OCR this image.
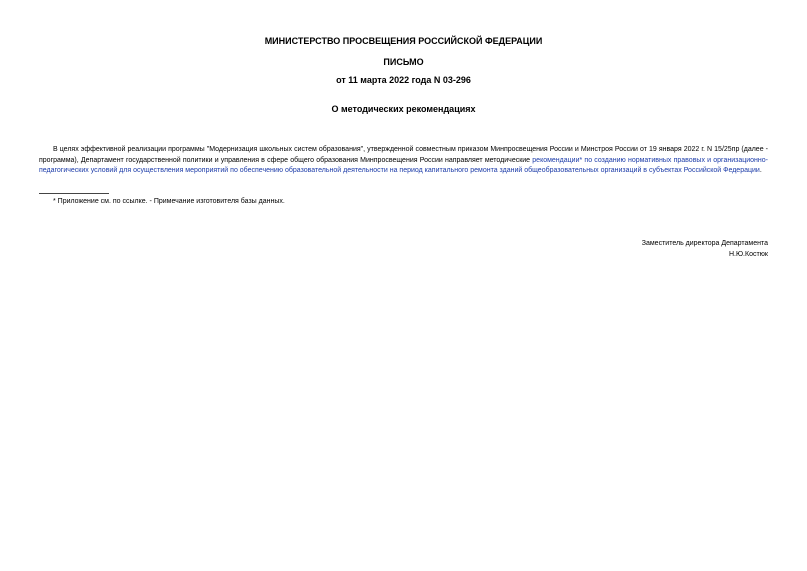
МИНИСТЕРСТВО ПРОСВЕЩЕНИЯ РОССИЙСКОЙ ФЕДЕРАЦИИ
ПИСЬМО
от 11 марта 2022 года N 03-296
О методических рекомендациях

В целях эффективной реализации программы "Модернизация школьных систем образования", утвержденной совместным приказом Минпросвещения России и Минстроя России от 19 января 2022 г. N 15/25пр (далее - программа), Департамент государственной политики и управления в сфере общего образования Минпросвещения России направляет методические рекомендации* по созданию нормативных правовых и организационно-педагогических условий для осуществления мероприятий по обеспечению образовательной деятельности на период капитального ремонта зданий общеобразовательных организаций в субъектах Российской Федерации.

* Приложение см. по ссылке. - Примечание изготовителя базы данных.
Заместитель директора Департамента
Н.Ю.Костюк
